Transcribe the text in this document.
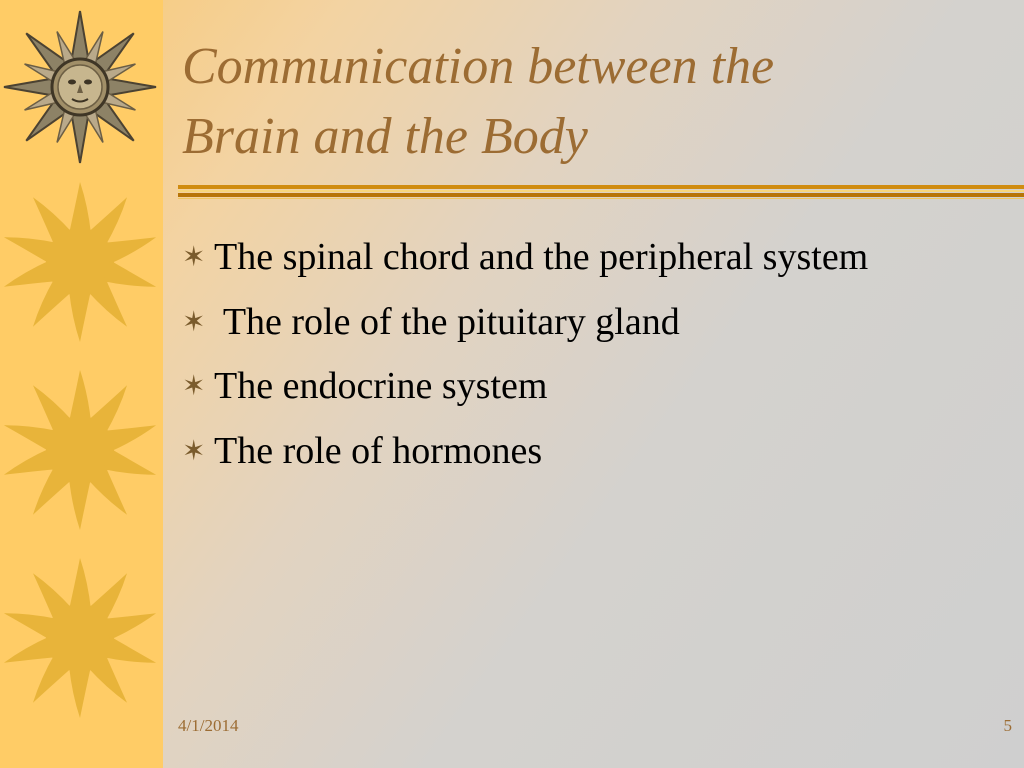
Communication between the
Brain and the Body
✶ The spinal chord and the peripheral system
✶ The role of the pituitary gland
✶ The endocrine system
✶ The role of hormones
4/1/2014	5
